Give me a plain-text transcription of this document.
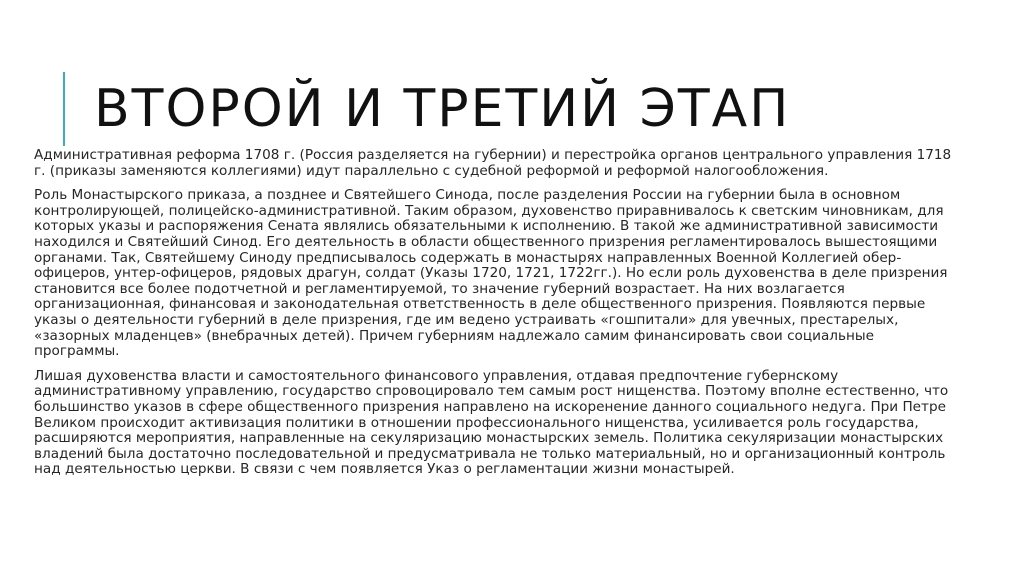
ВТОРОЙ И ТРЕТИЙ ЭТАП

Административная реформа 1708 г. (Россия разделяется на губернии) и перестройка органов центрального управления 1718 г. (приказы заменяются коллегиями) идут параллельно с судебной реформой и реформой налогообложения.

Роль Монастырского приказа, а позднее и Святейшего Синода, после разделения России на губернии была в основном контролирующей, полицейско-административной. Таким образом, духовенство приравнивалось к светским чиновникам, для которых указы и распоряжения Сената являлись обязательными к исполнению. В такой же административной зависимости находился и Святейший Синод. Его деятельность в области общественного призрения регламентировалось вышестоящими органами. Так, Святейшему Синоду предписывалось содержать в монастырях направленных Военной Коллегией обер-офицеров, унтер-офицеров, рядовых драгун, солдат (Указы 1720, 1721, 1722гг.). Но если роль духовенства в деле призрения становится все более подотчетной и регламентируемой, то значение губерний возрастает. На них возлагается организационная, финансовая и законодательная ответственность в деле общественного призрения. Появляются первые указы о деятельности губерний в деле призрения, где им ведено устраивать «гошпитали» для увечных, престарелых, «зазорных младенцев» (внебрачных детей). Причем губерниям надлежало самим финансировать свои социальные программы.

Лишая духовенства власти и самостоятельного финансового управления, отдавая предпочтение губернскому административному управлению, государство спровоцировало тем самым рост нищенства. Поэтому вполне естественно, что большинство указов в сфере общественного призрения направлено на искоренение данного социального недуга. При Петре Великом происходит активизация политики в отношении профессионального нищенства, усиливается роль государства, расширяются мероприятия, направленные на секуляризацию монастырских земель. Политика секуляризации монастырских владений была достаточно последовательной и предусматривала не только материальный, но и организационный контроль над деятельностью церкви. В связи с чем появляется Указ о регламентации жизни монастырей.
